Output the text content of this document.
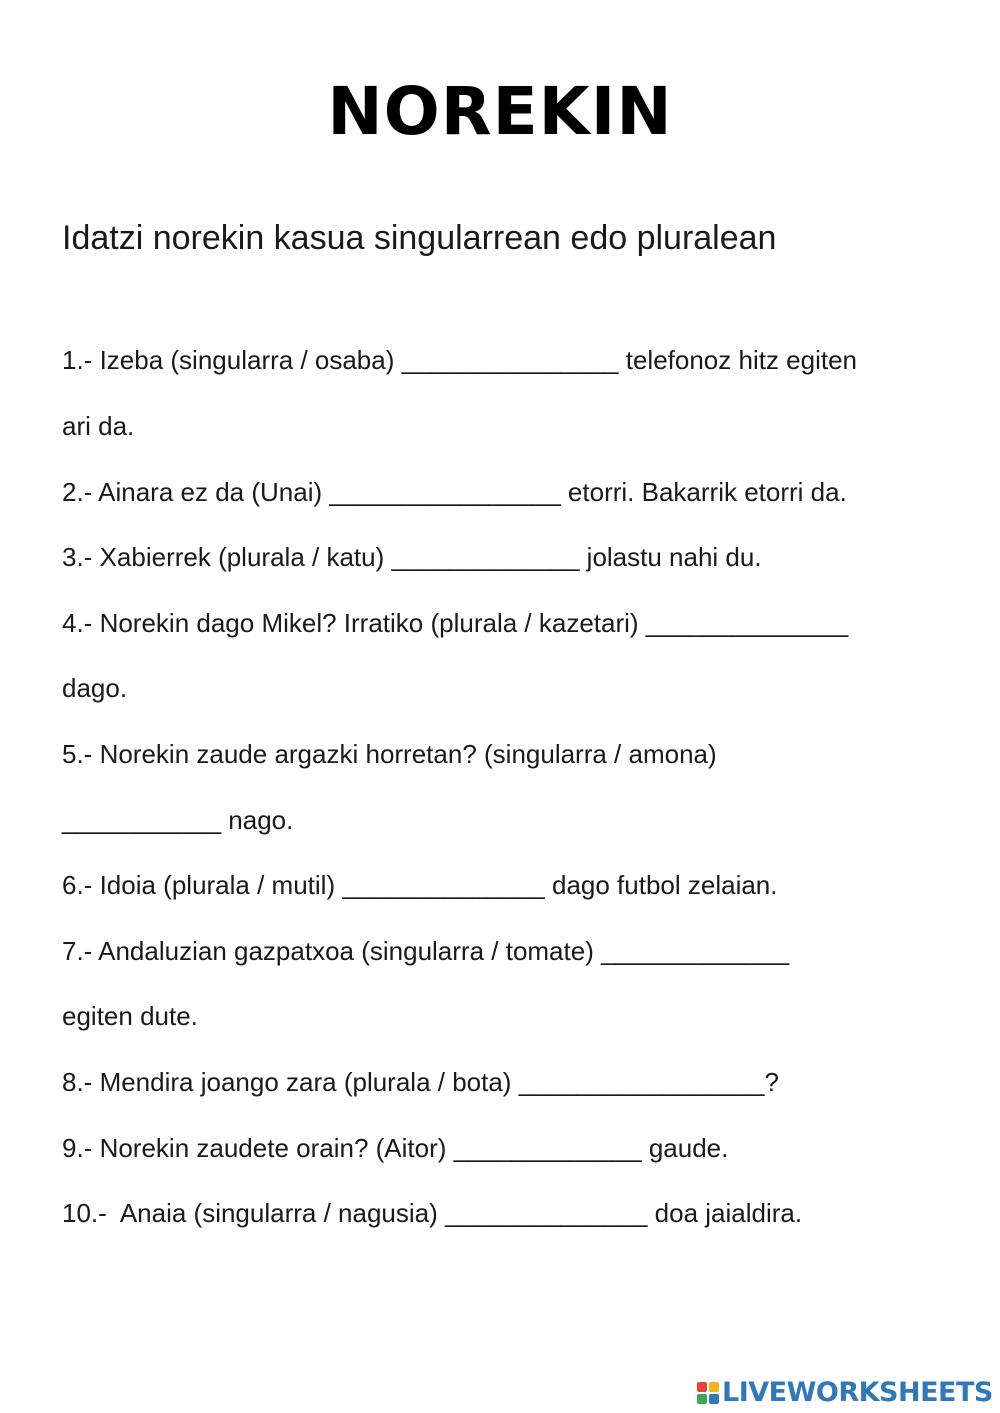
NOREKIN

Idatzi norekin kasua singularrean edo pluralean

1.- Izeba (singularra / osaba) _______________ telefonoz hitz egiten

ari da.

2.- Ainara ez da (Unai) ________________ etorri. Bakarrik etorri da.

3.- Xabierrek (plurala / katu) _____________ jolastu nahi du.

4.- Norekin dago Mikel? Irratiko (plurala / kazetari) ______________

dago.

5.- Norekin zaude argazki horretan? (singularra / amona)

___________ nago.

6.- Idoia (plurala / mutil) ______________ dago futbol zelaian.

7.- Andaluzian gazpatxoa (singularra / tomate) _____________

egiten dute.

8.- Mendira joango zara (plurala / bota) _________________?

9.- Norekin zaudete orain? (Aitor) _____________ gaude.

10.-  Anaia (singularra / nagusia) ______________ doa jaialdira.

LIVEWORKSHEETS
